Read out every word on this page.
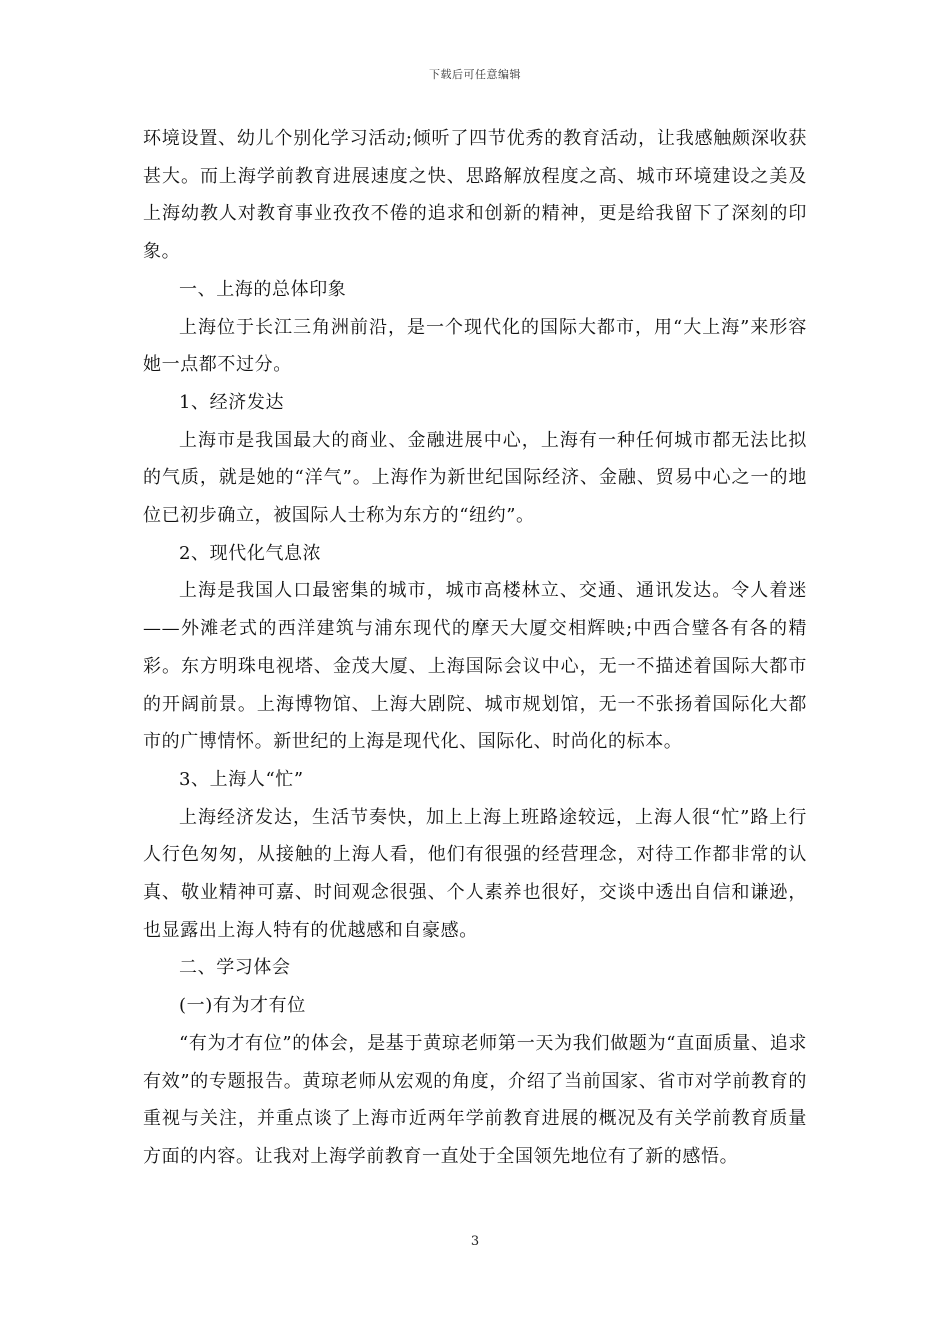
下载后可任意编辑

环境设置、幼儿个别化学习活动;倾听了四节优秀的教育活动，让我感触颇深收获甚大。而上海学前教育进展速度之快、思路解放程度之高、城市环境建设之美及上海幼教人对教育事业孜孜不倦的追求和创新的精神，更是给我留下了深刻的印象。

一、上海的总体印象

上海位于长江三角洲前沿，是一个现代化的国际大都市，用“大上海”来形容她一点都不过分。

1、经济发达

上海市是我国最大的商业、金融进展中心，上海有一种任何城市都无法比拟的气质，就是她的“洋气”。上海作为新世纪国际经济、金融、贸易中心之一的地位已初步确立，被国际人士称为东方的“纽约”。

2、现代化气息浓

上海是我国人口最密集的城市，城市高楼林立、交通、通讯发达。令人着迷——外滩老式的西洋建筑与浦东现代的摩天大厦交相辉映;中西合璧各有各的精彩。东方明珠电视塔、金茂大厦、上海国际会议中心，无一不描述着国际大都市的开阔前景。上海博物馆、上海大剧院、城市规划馆，无一不张扬着国际化大都市的广博情怀。新世纪的上海是现代化、国际化、时尚化的标本。

3、上海人“忙”

上海经济发达，生活节奏快，加上上海上班路途较远，上海人很“忙”路上行人行色匆匆，从接触的上海人看，他们有很强的经营理念，对待工作都非常的认真、敬业精神可嘉、时间观念很强、个人素养也很好，交谈中透出自信和谦逊，也显露出上海人特有的优越感和自豪感。

二、学习体会

(一)有为才有位

“有为才有位”的体会，是基于黄琼老师第一天为我们做题为“直面质量、追求有效”的专题报告。黄琼老师从宏观的角度，介绍了当前国家、省市对学前教育的重视与关注，并重点谈了上海市近两年学前教育进展的概况及有关学前教育质量方面的内容。让我对上海学前教育一直处于全国领先地位有了新的感悟。

3
